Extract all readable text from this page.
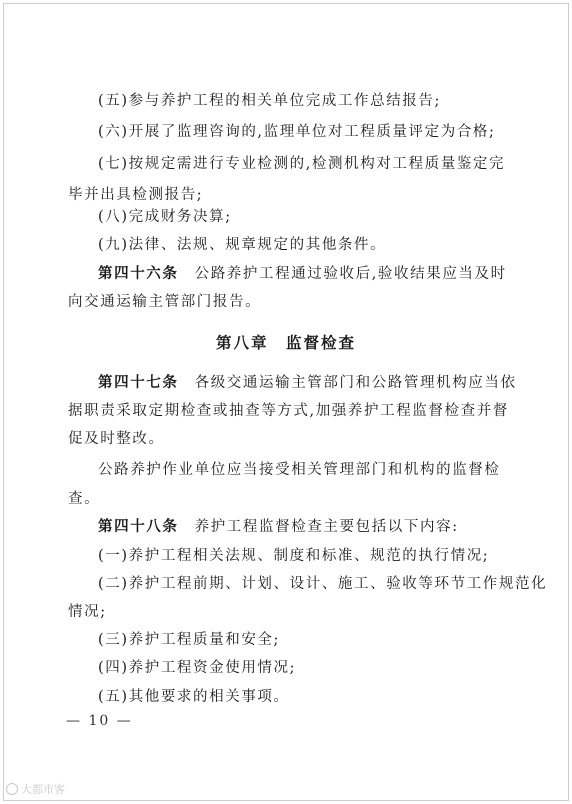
(五)参与养护工程的相关单位完成工作总结报告;
(六)开展了监理咨询的,监理单位对工程质量评定为合格;
(七)按规定需进行专业检测的,检测机构对工程质量鉴定完
毕并出具检测报告;
(八)完成财务决算;
(九)法律、法规、规章规定的其他条件。
第四十六条　 公路养护工程通过验收后,验收结果应当及时
向交通运输主管部门报告。
第八章　监督检查
第四十七条　 各级交通运输主管部门和公路管理机构应当依
据职责采取定期检查或抽查等方式,加强养护工程监督检查并督
促及时整改。
公路养护作业单位应当接受相关管理部门和机构的监督检
查。
第四十八条　 养护工程监督检查主要包括以下内容:
(一)养护工程相关法规、制度和标准、规范的执行情况;
(二)养护工程前期、计划、设计、施工、验收等环节工作规范化
情况;
(三)养护工程质量和安全;
(四)养护工程资金使用情况;
(五)其他要求的相关事项。
— 10 —
大都市客
